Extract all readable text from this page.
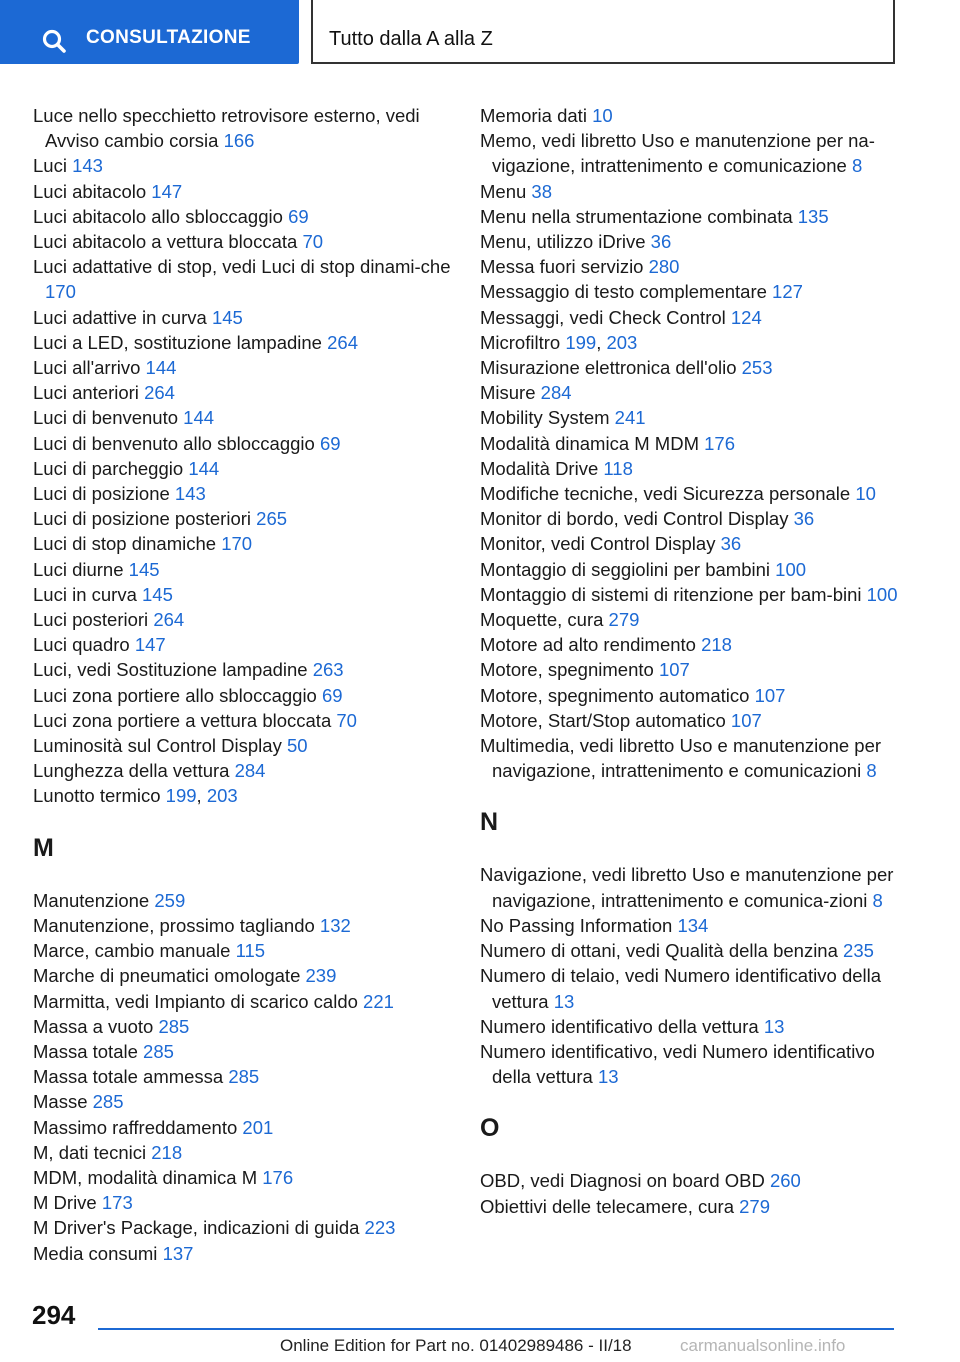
CONSULTAZIONE	Tutto dalla A alla Z

Luce nello specchietto retrovisore esterno, vedi Avviso cambio corsia 166

Luci 143

Luci abitacolo 147

Luci abitacolo allo sbloccaggio 69

Luci abitacolo a vettura bloccata 70

Luci adattative di stop, vedi Luci di stop dinami-che 170

Luci adattive in curva 145

Luci a LED, sostituzione lampadine 264

Luci all'arrivo 144

Luci anteriori 264

Luci di benvenuto 144

Luci di benvenuto allo sbloccaggio 69

Luci di parcheggio 144

Luci di posizione 143

Luci di posizione posteriori 265

Luci di stop dinamiche 170

Luci diurne 145

Luci in curva 145

Luci posteriori 264

Luci quadro 147

Luci, vedi Sostituzione lampadine 263

Luci zona portiere allo sbloccaggio 69

Luci zona portiere a vettura bloccata 70

Luminosità sul Control Display 50

Lunghezza della vettura 284

Lunotto termico 199, 203

M

Manutenzione 259

Manutenzione, prossimo tagliando 132

Marce, cambio manuale 115

Marche di pneumatici omologate 239

Marmitta, vedi Impianto di scarico caldo 221

Massa a vuoto 285

Massa totale 285

Massa totale ammessa 285

Masse 285

Massimo raffreddamento 201

M, dati tecnici 218

MDM, modalità dinamica M 176

M Drive 173

M Driver's Package, indicazioni di guida 223

Media consumi 137

Memoria dati 10

Memo, vedi libretto Uso e manutenzione per na-vigazione, intrattenimento e comunicazione 8

Menu 38

Menu nella strumentazione combinata 135

Menu, utilizzo iDrive 36

Messa fuori servizio 280

Messaggio di testo complementare 127

Messaggi, vedi Check Control 124

Microfiltro 199, 203

Misurazione elettronica dell'olio 253

Misure 284

Mobility System 241

Modalità dinamica M MDM 176

Modalità Drive 118

Modifiche tecniche, vedi Sicurezza personale 10

Monitor di bordo, vedi Control Display 36

Monitor, vedi Control Display 36

Montaggio di seggiolini per bambini 100

Montaggio di sistemi di ritenzione per bam-bini 100

Moquette, cura 279

Motore ad alto rendimento 218

Motore, spegnimento 107

Motore, spegnimento automatico 107

Motore, Start/Stop automatico 107

Multimedia, vedi libretto Uso e manutenzione per navigazione, intrattenimento e comunicazioni 8

N

Navigazione, vedi libretto Uso e manutenzione per navigazione, intrattenimento e comunica-zioni 8

No Passing Information 134

Numero di ottani, vedi Qualità della benzina 235

Numero di telaio, vedi Numero identificativo della vettura 13

Numero identificativo della vettura 13

Numero identificativo, vedi Numero identificativo della vettura 13

O

OBD, vedi Diagnosi on board OBD 260

Obiettivi delle telecamere, cura 279

294
Online Edition for Part no. 01402989486 - II/18	carmanualsonline.info
